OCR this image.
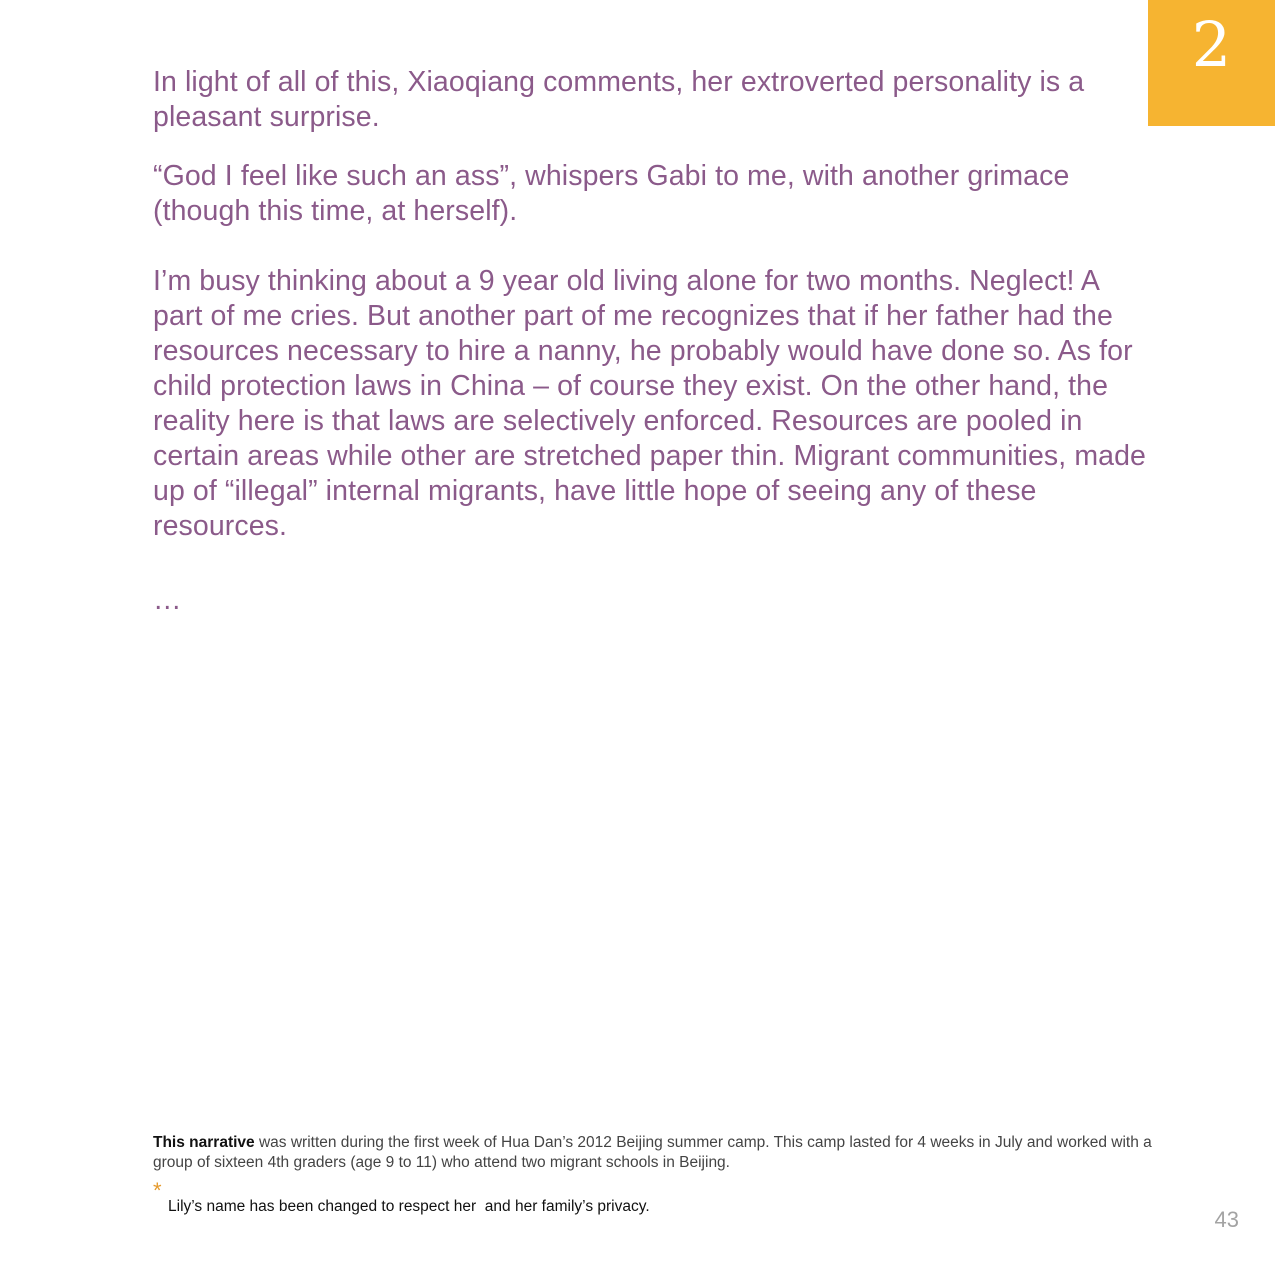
2

In light of all of this, Xiaoqiang comments, her extroverted personality is a pleasant surprise.

“God I feel like such an ass”, whispers Gabi to me, with another grimace (though this time, at herself).

I’m busy thinking about a 9 year old living alone for two months. Neglect! A part of me cries. But another part of me recognizes that if her father had the resources necessary to hire a nanny, he probably would have done so. As for child protection laws in China – of course they exist. On the other hand, the reality here is that laws are selectively enforced. Resources are pooled in certain areas while other are stretched paper thin. Migrant communities, made up of “illegal” internal migrants, have little hope of seeing any of these resources.

…

This narrative was written during the first week of Hua Dan’s 2012 Beijing summer camp. This camp lasted for 4 weeks in July and worked with a group of sixteen 4th graders (age 9 to 11) who attend two migrant schools in Beijing.

*
Lily’s name has been changed to respect her  and her family’s privacy.
43
